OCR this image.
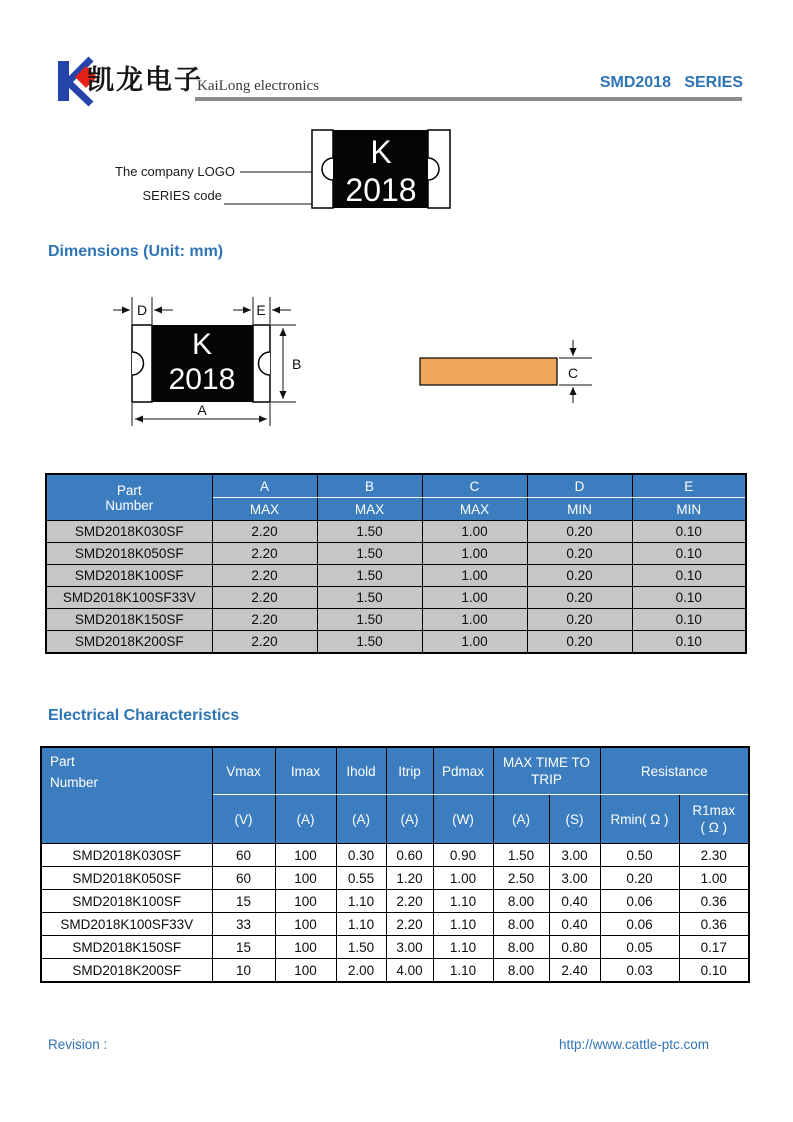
凯龙电子
KaiLong electronics	SMD2018   SERIES
The company LOGO
SERIES code
K
2018
Dimensions (Unit: mm)
K
2018
D	E
B
A
C
Part
Number	A	B	C	D	E
	MAX	MAX	MAX	MIN	MIN
SMD2018K030SF	2.20	1.50	1.00	0.20	0.10
SMD2018K050SF	2.20	1.50	1.00	0.20	0.10
SMD2018K100SF	2.20	1.50	1.00	0.20	0.10
SMD2018K100SF33V	2.20	1.50	1.00	0.20	0.10
SMD2018K150SF	2.20	1.50	1.00	0.20	0.10
SMD2018K200SF	2.20	1.50	1.00	0.20	0.10
Electrical Characteristics
Part
Number	Vmax	Imax	Ihold	Itrip	Pdmax	MAX TIME TO TRIP		Resistance	
	(V)	(A)	(A)	(A)	(W)	(A)	(S)	Rmin( Ω )	R1max
( Ω )

SMD2018K030SF	60	100	0.30	0.60	0.90	1.50	3.00	0.50	2.30
SMD2018K050SF	60	100	0.55	1.20	1.00	2.50	3.00	0.20	1.00
SMD2018K100SF	15	100	1.10	2.20	1.10	8.00	0.40	0.06	0.36
SMD2018K100SF33V	33	100	1.10	2.20	1.10	8.00	0.40	0.06	0.36
SMD2018K150SF	15	100	1.50	3.00	1.10	8.00	0.80	0.05	0.17
SMD2018K200SF	10	100	2.00	4.00	1.10	8.00	2.40	0.03	0.10
Revision :	http://www.cattle-ptc.com
